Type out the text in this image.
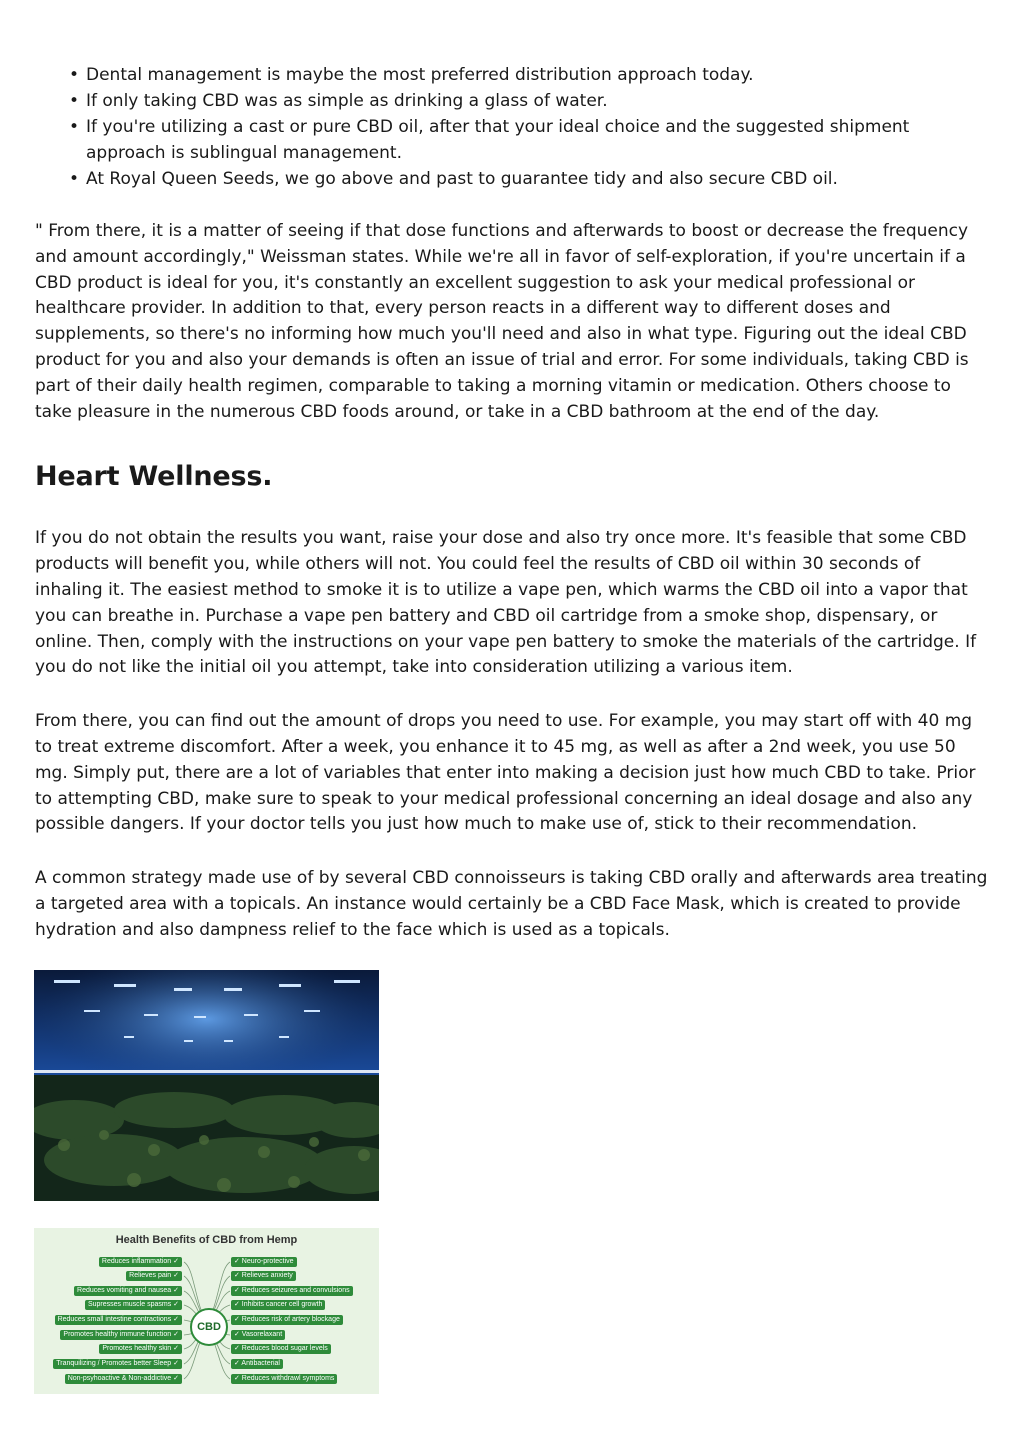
• Dental management is maybe the most preferred distribution approach today.
• If only taking CBD was as simple as drinking a glass of water.
• If you're utilizing a cast or pure CBD oil, after that your ideal choice and the suggested shipment approach is sublingual management.
• At Royal Queen Seeds, we go above and past to guarantee tidy and also secure CBD oil.

" From there, it is a matter of seeing if that dose functions and afterwards to boost or decrease the frequency and amount accordingly," Weissman states. While we're all in favor of self-exploration, if you're uncertain if a CBD product is ideal for you, it's constantly an excellent suggestion to ask your medical professional or healthcare provider. In addition to that, every person reacts in a different way to different doses and supplements, so there's no informing how much you'll need and also in what type. Figuring out the ideal CBD product for you and also your demands is often an issue of trial and error. For some individuals, taking CBD is part of their daily health regimen, comparable to taking a morning vitamin or medication. Others choose to take pleasure in the numerous CBD foods around, or take in a CBD bathroom at the end of the day.

Heart Wellness.

If you do not obtain the results you want, raise your dose and also try once more. It's feasible that some CBD products will benefit you, while others will not. You could feel the results of CBD oil within 30 seconds of inhaling it. The easiest method to smoke it is to utilize a vape pen, which warms the CBD oil into a vapor that you can breathe in. Purchase a vape pen battery and CBD oil cartridge from a smoke shop, dispensary, or online. Then, comply with the instructions on your vape pen battery to smoke the materials of the cartridge. If you do not like the initial oil you attempt, take into consideration utilizing a various item.

From there, you can find out the amount of drops you need to use. For example, you may start off with 40 mg to treat extreme discomfort. After a week, you enhance it to 45 mg, as well as after a 2nd week, you use 50 mg. Simply put, there are a lot of variables that enter into making a decision just how much CBD to take. Prior to attempting CBD, make sure to speak to your medical professional concerning an ideal dosage and also any possible dangers. If your doctor tells you just how much to make use of, stick to their recommendation.

A common strategy made use of by several CBD connoisseurs is taking CBD orally and afterwards area treating a targeted area with a topicals. An instance would certainly be a CBD Face Mask, which is created to provide hydration and also dampness relief to the face which is used as a topicals.

Health Benefits of CBD from Hemp
CBD
Reduces inflammation ✓
Relieves pain ✓
Reduces vomiting and nausea ✓
Supresses muscle spasms ✓
Reduces small intestine contractions ✓
Promotes healthy immune function ✓
Promotes healthy skin ✓
Tranquilizing / Promotes better Sleep ✓
Non-psyhoactive & Non-addictive ✓
✓ Neuro-protective
✓ Relieves anxiety
✓ Reduces seizures and convulsions
✓ Inhibits cancer cell growth
✓ Reduces risk of artery blockage
✓ Vasorelaxant
✓ Reduces blood sugar levels
✓ Antibacterial
✓ Reduces withdrawl symptoms
